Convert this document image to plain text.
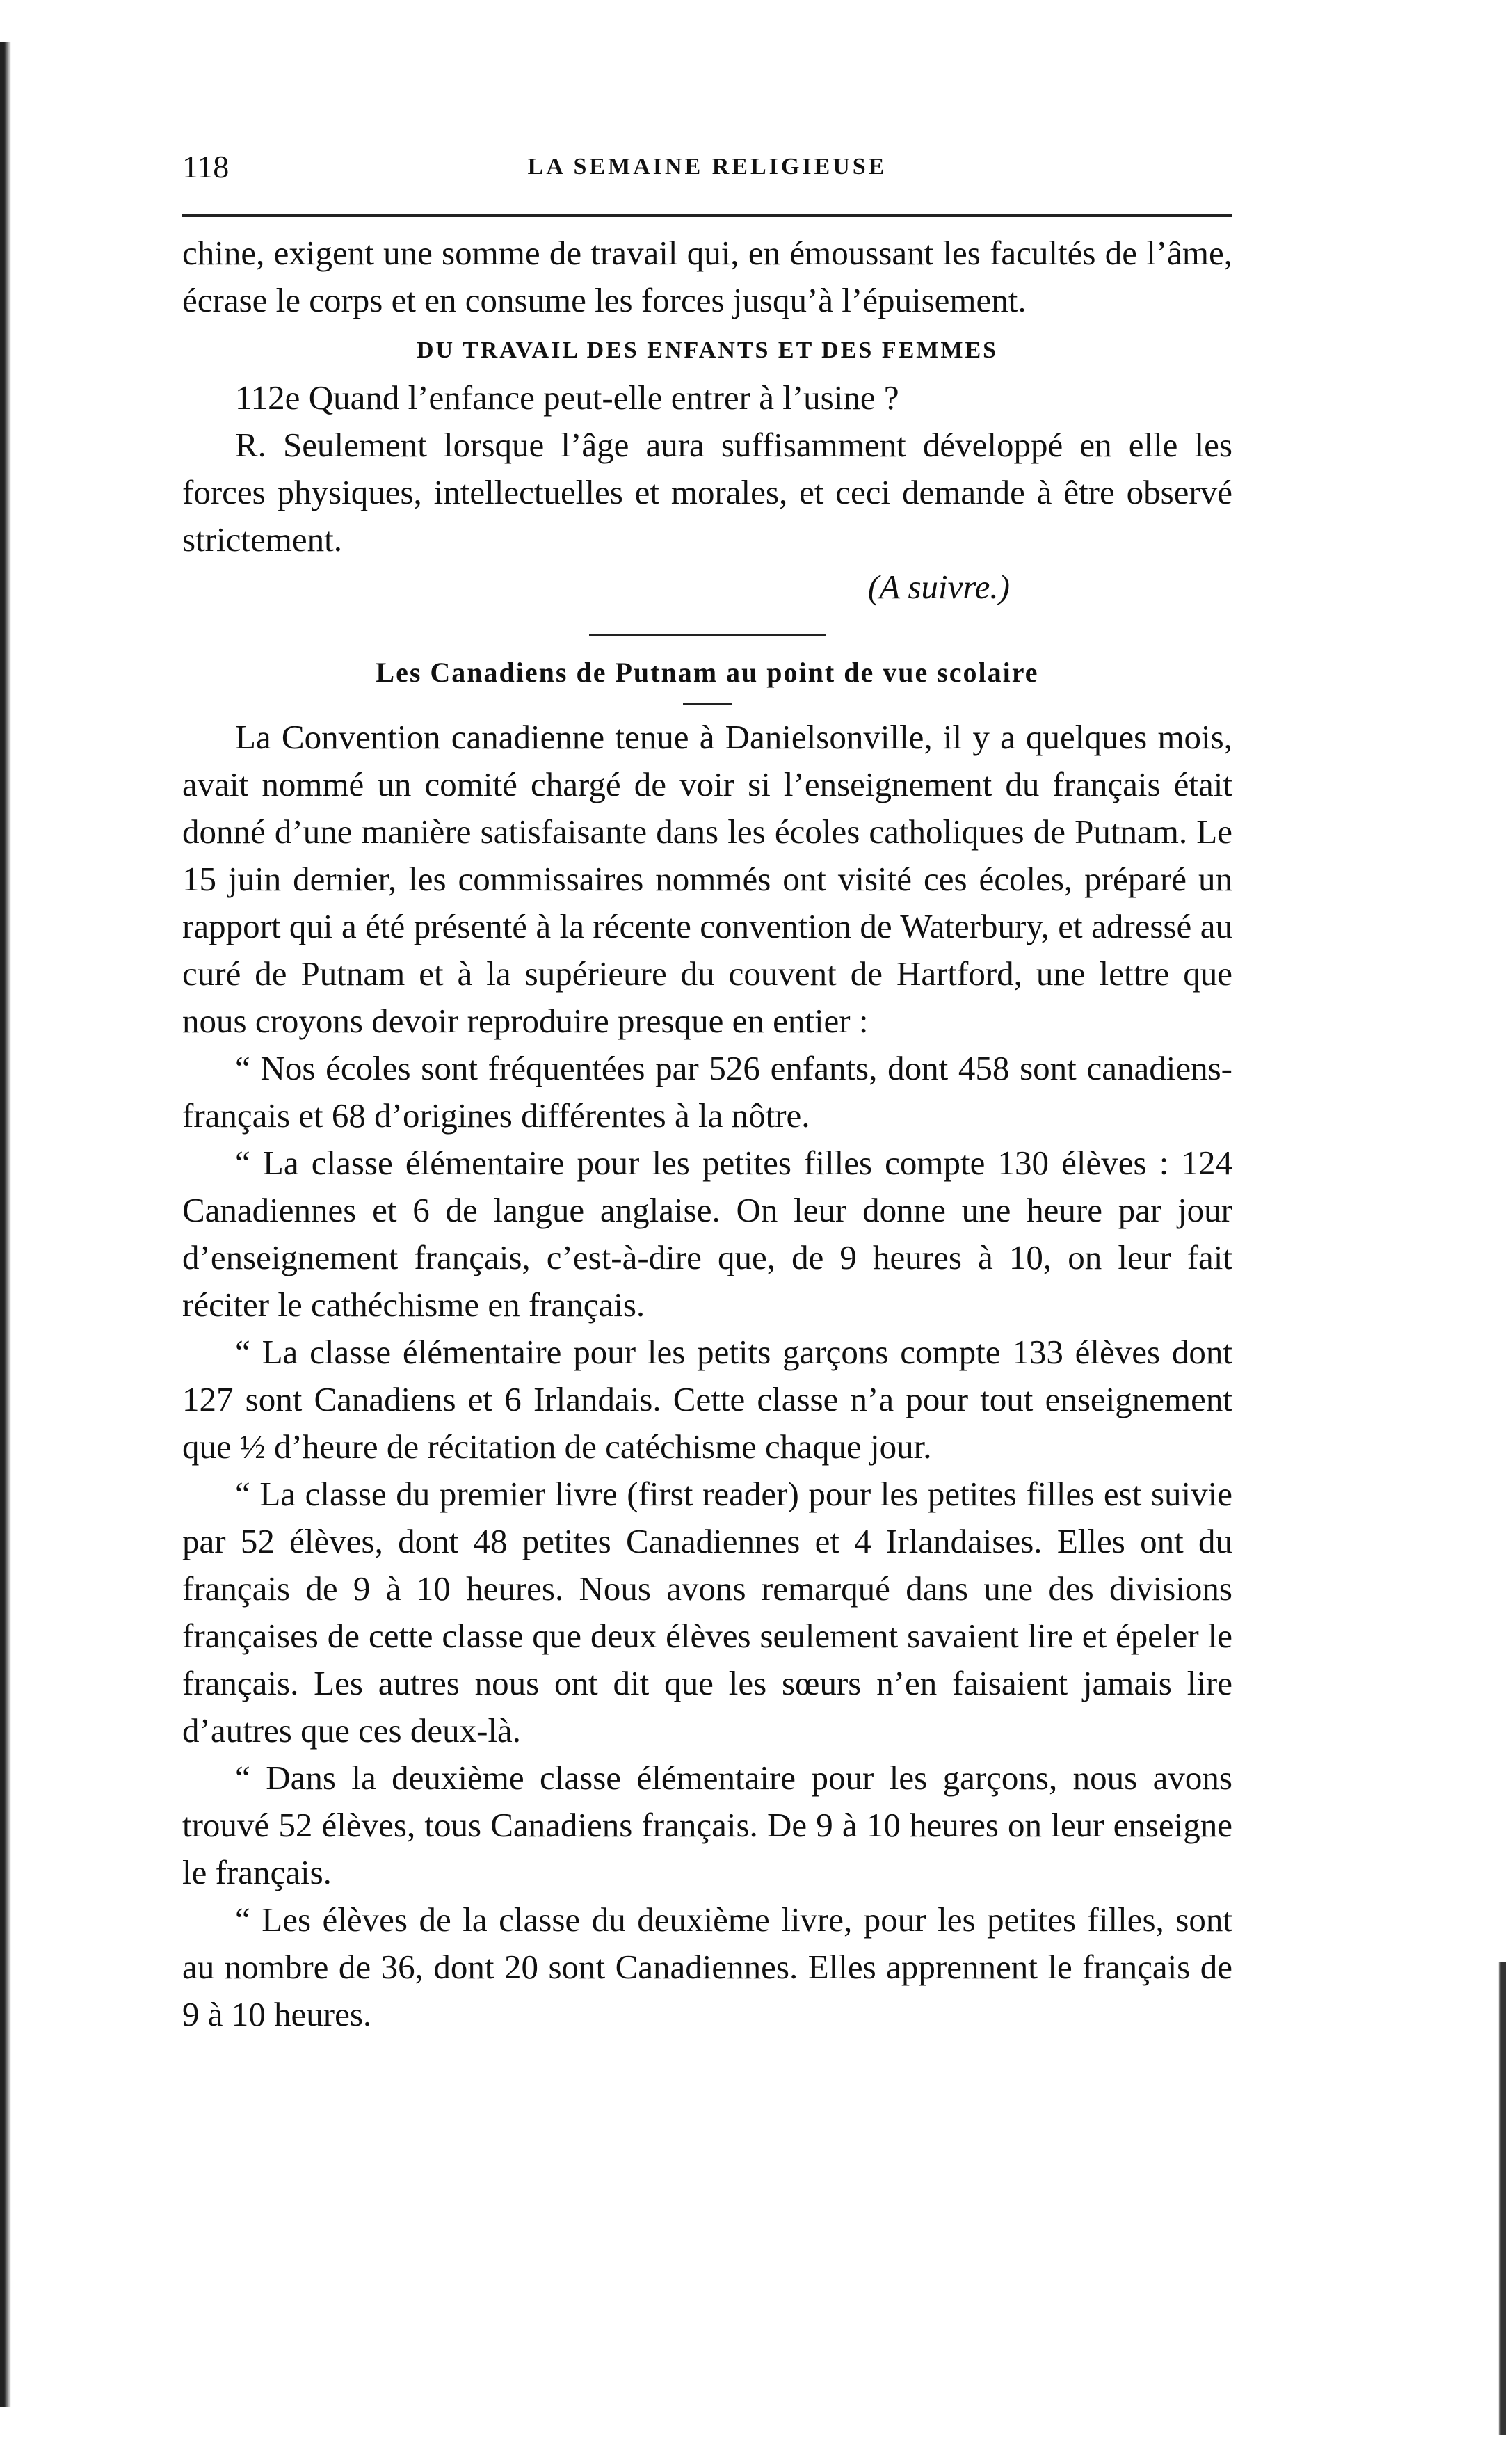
118	LA SEMAINE RELIGIEUSE

chine, exigent une somme de travail qui, en émoussant les facultés de l’âme, écrase le corps et en consume les forces jusqu’à l’épuisement.

DU TRAVAIL DES ENFANTS ET DES FEMMES

112e Quand l’enfance peut-elle entrer à l’usine ?

R. Seulement lorsque l’âge aura suffisamment développé en elle les forces physiques, intellectuelles et morales, et ceci demande à être observé strictement.

(A suivre.)

Les Canadiens de Putnam au point de vue scolaire

La Convention canadienne tenue à Danielsonville, il y a quelques mois, avait nommé un comité chargé de voir si l’enseignement du français était donné d’une manière satisfaisante dans les écoles catholiques de Putnam. Le 15 juin dernier, les commissaires nommés ont visité ces écoles, préparé un rapport qui a été présenté à la récente convention de Waterbury, et adressé au curé de Putnam et à la supérieure du couvent de Hartford, une lettre que nous croyons devoir reproduire presque en entier :

“ Nos écoles sont fréquentées par 526 enfants, dont 458 sont canadiens-français et 68 d’origines différentes à la nôtre.

“ La classe élémentaire pour les petites filles compte 130 élèves : 124 Canadiennes et 6 de langue anglaise. On leur donne une heure par jour d’enseignement français, c’est-à-dire que, de 9 heures à 10, on leur fait réciter le cathéchisme en français.

“ La classe élémentaire pour les petits garçons compte 133 élèves dont 127 sont Canadiens et 6 Irlandais. Cette classe n’a pour tout enseignement que ½ d’heure de récitation de catéchisme chaque jour.

“ La classe du premier livre (first reader) pour les petites filles est suivie par 52 élèves, dont 48 petites Canadiennes et 4 Irlandaises. Elles ont du français de 9 à 10 heures. Nous avons remarqué dans une des divisions françaises de cette classe que deux élèves seulement savaient lire et épeler le français. Les autres nous ont dit que les sœurs n’en faisaient jamais lire d’autres que ces deux-là.

“ Dans la deuxième classe élémentaire pour les garçons, nous avons trouvé 52 élèves, tous Canadiens français. De 9 à 10 heures on leur enseigne le français.

“ Les élèves de la classe du deuxième livre, pour les petites filles, sont au nombre de 36, dont 20 sont Canadiennes. Elles apprennent le français de 9 à 10 heures.
